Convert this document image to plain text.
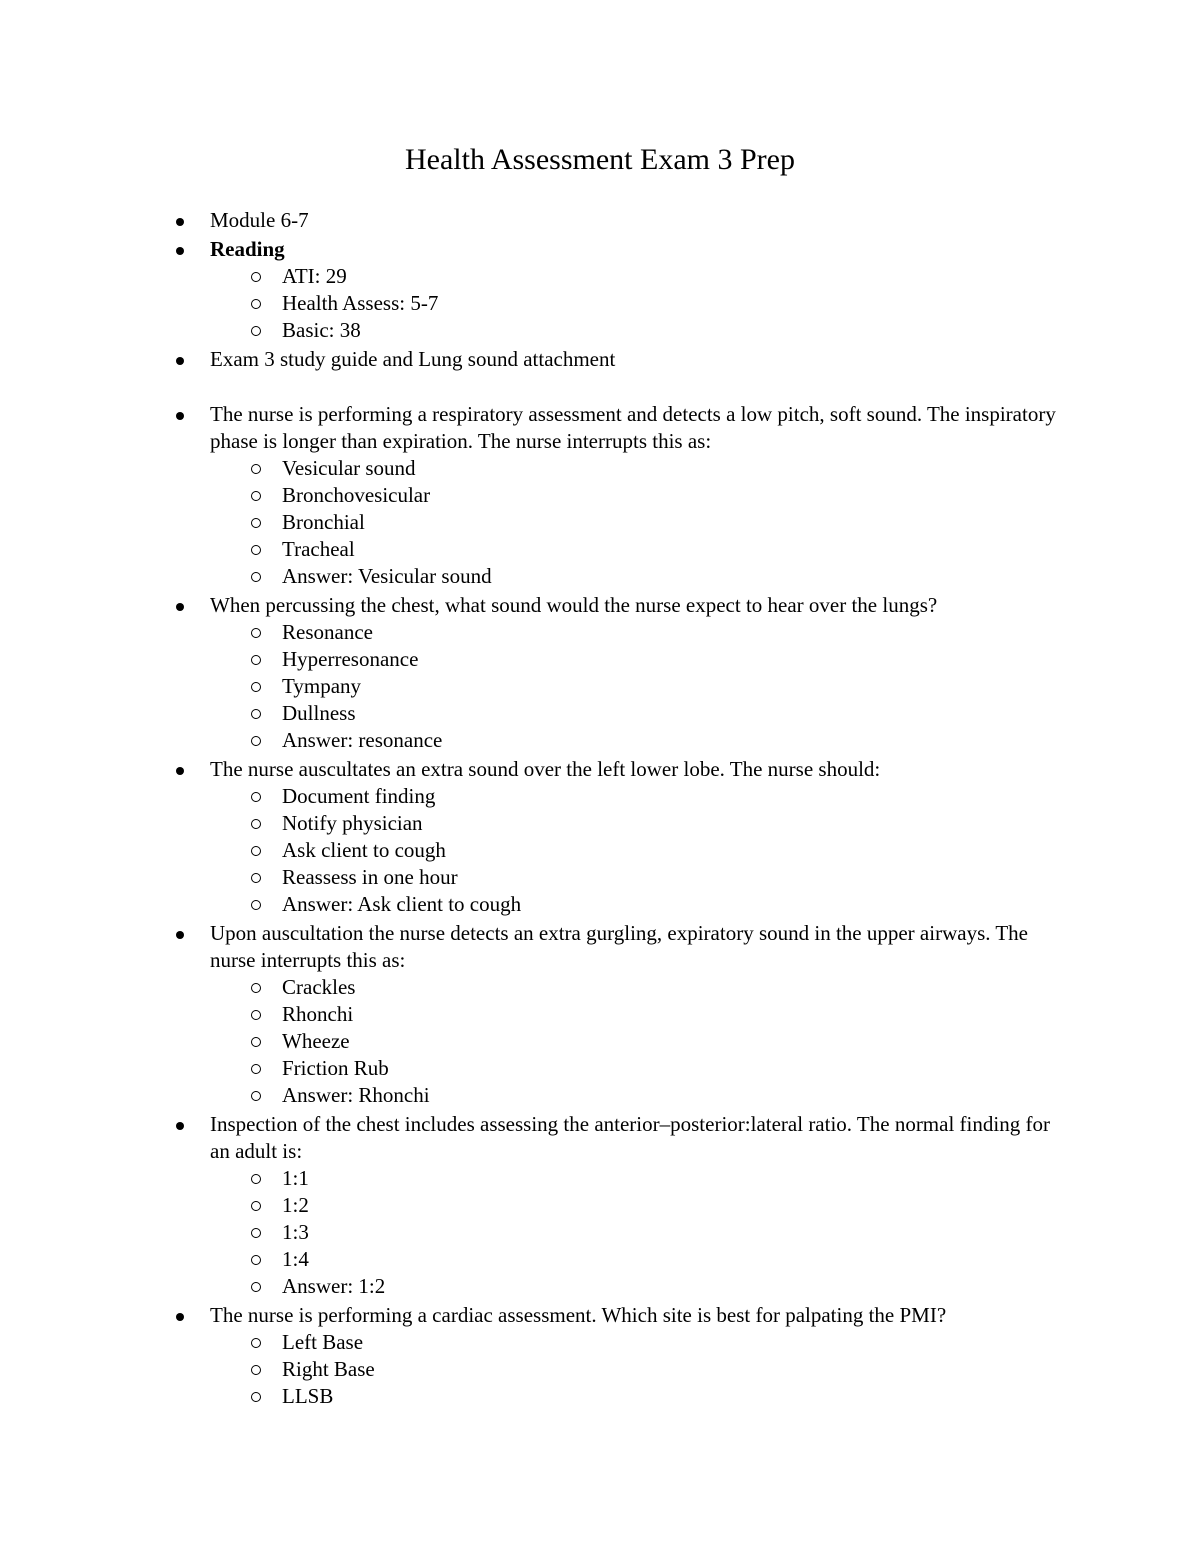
Health Assessment Exam 3 Prep
Module 6-7
Reading
ATI: 29
Health Assess: 5-7
Basic: 38
Exam 3 study guide and Lung sound attachment
The nurse is performing a respiratory assessment and detects a low pitch, soft sound. The inspiratory phase is longer than expiration. The nurse interrupts this as:
Vesicular sound
Bronchovesicular
Bronchial
Tracheal
Answer: Vesicular sound
When percussing the chest, what sound would the nurse expect to hear over the lungs?
Resonance
Hyperresonance
Tympany
Dullness
Answer: resonance
The nurse auscultates an extra sound over the left lower lobe. The nurse should:
Document finding
Notify physician
Ask client to cough
Reassess in one hour
Answer: Ask client to cough
Upon auscultation the nurse detects an extra gurgling, expiratory sound in the upper airways. The nurse interrupts this as:
Crackles
Rhonchi
Wheeze
Friction Rub
Answer: Rhonchi
Inspection of the chest includes assessing the anterior–posterior:lateral ratio. The normal finding for an adult is:
1:1
1:2
1:3
1:4
Answer: 1:2
The nurse is performing a cardiac assessment. Which site is best for palpating the PMI?
Left Base
Right Base
LLSB
